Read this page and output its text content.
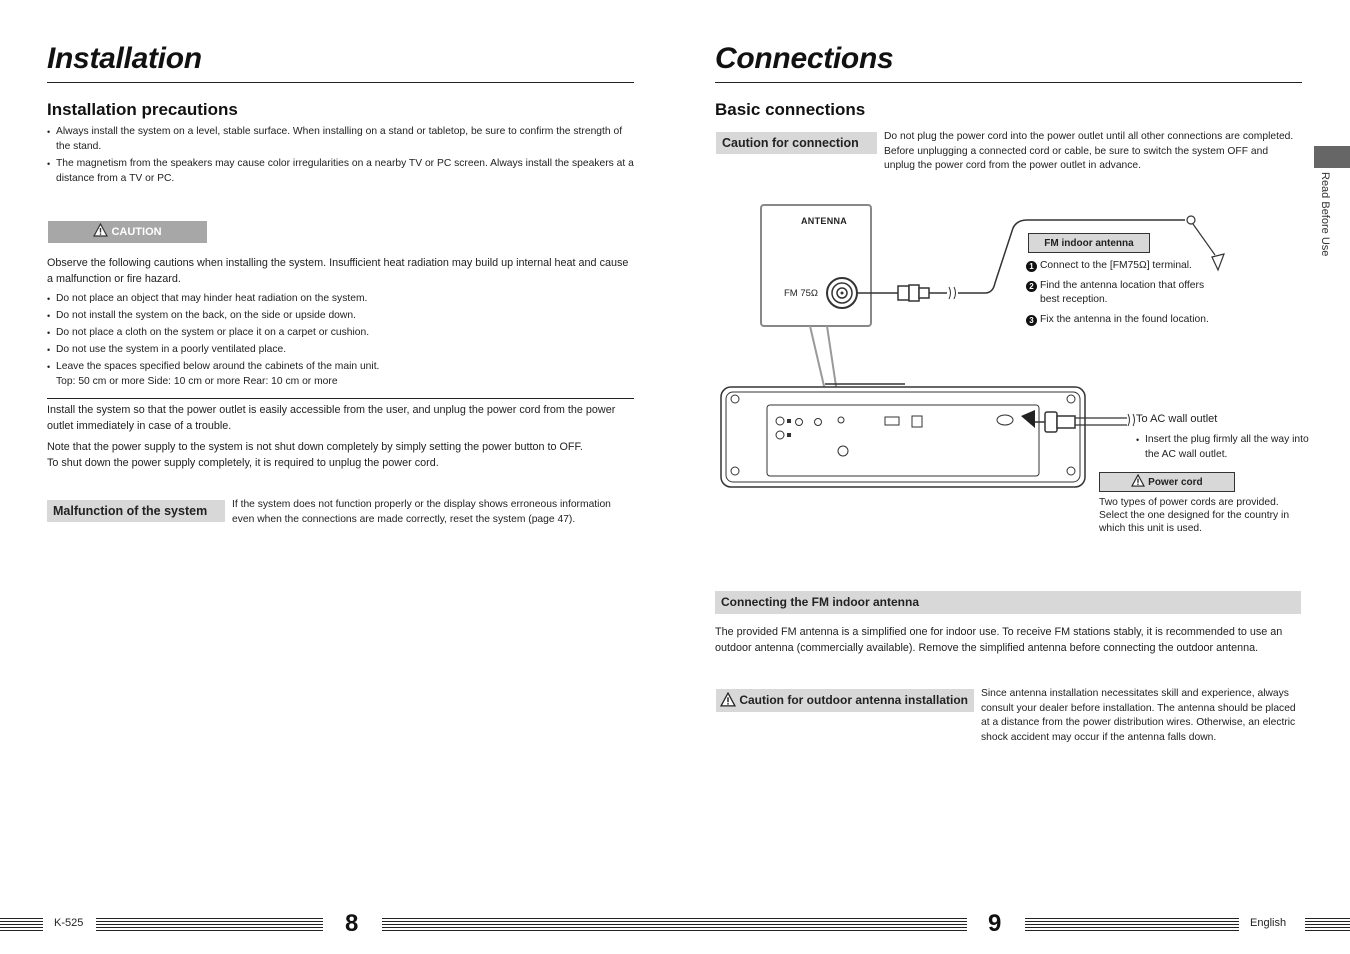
Installation
Installation precautions
• Always install the system on a level, stable surface. When installing on a stand or tabletop, be sure to confirm the strength of the stand.
• The magnetism from the speakers may cause color irregularities on a nearby TV or PC screen. Always install the speakers at a distance from a TV or PC.
CAUTION
Observe the following cautions when installing the system. Insufficient heat radiation may build up internal heat and cause a malfunction or fire hazard.
• Do not place an object that may hinder heat radiation on the system.
• Do not install the system on the back, on the side or upside down.
• Do not place a cloth on the system or place it on a carpet or cushion.
• Do not use the system in a poorly ventilated place.
• Leave the spaces specified below around the cabinets of the main unit.
Top: 50 cm or more Side: 10 cm or more Rear: 10 cm or more
Install the system so that the power outlet is easily accessible from the user, and unplug the power cord from the power outlet immediately in case of a trouble.
Note that the power supply to the system is not shut down completely by simply setting the power button to OFF.
To shut down the power supply completely, it is required to unplug the power cord.
Malfunction of the system	If the system does not function properly or the display shows erroneous information even when the connections are made correctly, reset the system (page 47).
Connections
Basic connections
Caution for connection	Do not plug the power cord into the power outlet until all other connections are completed. Before unplugging a connected cord or cable, be sure to switch the system OFF and unplug the power cord from the power outlet in advance.
ANTENNA
FM 75Ω
FM indoor antenna
1 Connect to the [FM75Ω] terminal.
2 Find the antenna location that offers best reception.
3 Fix the antenna in the found location.
To AC wall outlet
• Insert the plug firmly all the way into the AC wall outlet.
Power cord
Two types of power cords are provided. Select the one designed for the country in which this unit is used.
Connecting the FM indoor antenna
The provided FM antenna is a simplified one for indoor use. To receive FM stations stably, it is recommended to use an outdoor antenna (commercially available). Remove the simplified antenna before connecting the outdoor antenna.
Caution for outdoor antenna installation	Since antenna installation necessitates skill and experience, always consult your dealer before installation. The antenna should be placed at a distance from the power distribution wires. Otherwise, an electric shock accident may occur if the antenna falls down.
Read Before Use
K-525	8	9	English
